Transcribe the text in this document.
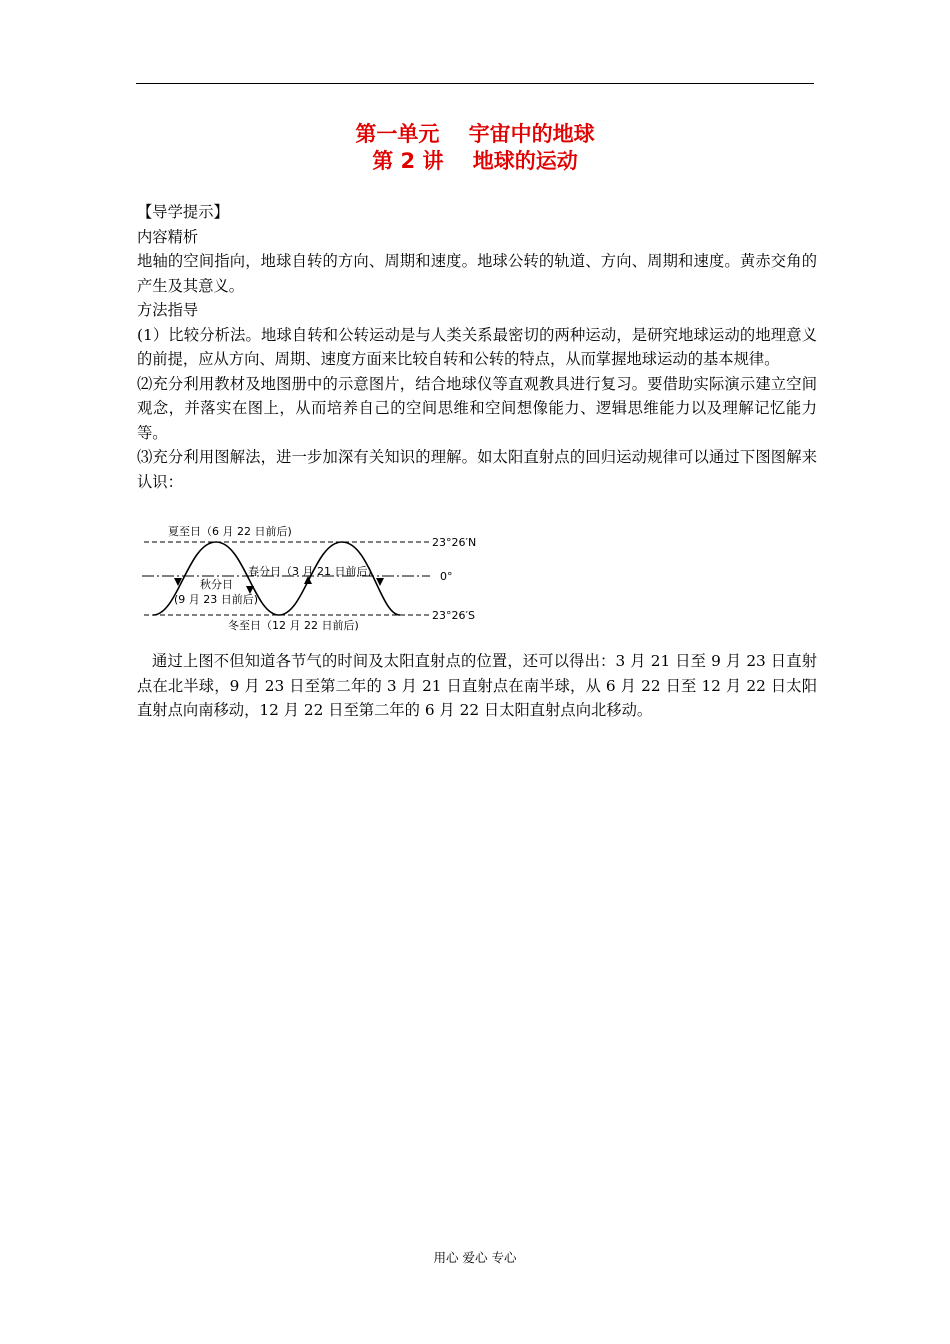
第一单元    宇宙中的地球
第 2 讲    地球的运动

【导学提示】

内容精析

地轴的空间指向，地球自转的方向、周期和速度。地球公转的轨道、方向、周期和速度。黄赤交角的产生及其意义。

方法指导

(1）比较分析法。地球自转和公转运动是与人类关系最密切的两种运动，是研究地球运动的地理意义的前提，应从方向、周期、速度方面来比较自转和公转的特点，从而掌握地球运动的基本规律。

⑵充分利用教材及地图册中的示意图片，结合地球仪等直观教具进行复习。要借助实际演示建立空间观念，并落实在图上，从而培养自己的空间思维和空间想像能力、逻辑思维能力以及理解记忆能力等。

⑶充分利用图解法，进一步加深有关知识的理解。如太阳直射点的回归运动规律可以通过下图图解来认识：

夏至日（6 月 22 日前后)
春分日（3 月 21 日前后)
秋分日
(9 月 23 日前后)
冬至日（12 月 22 日前后)
23°26′N
0°
23°26′S

通过上图不但知道各节气的时间及太阳直射点的位置，还可以得出：3 月 21 日至 9 月 23 日直射点在北半球，9 月 23 日至第二年的 3 月 21 日直射点在南半球，从 6 月 22 日至 12 月 22 日太阳直射点向南移动，12 月 22 日至第二年的 6 月 22 日太阳直射点向北移动。

用心 爱心 专心
